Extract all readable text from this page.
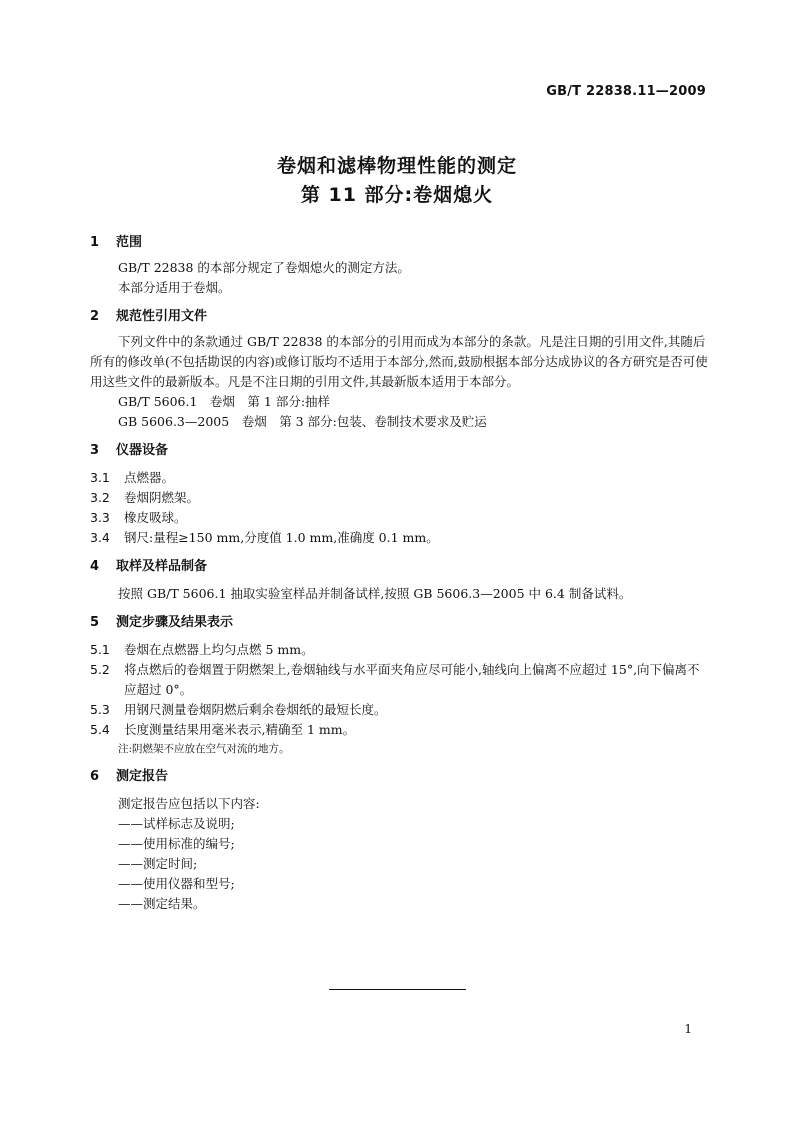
GB/T 22838.11—2009
卷烟和滤棒物理性能的测定
第 11 部分:卷烟熄火
1	范围

GB/T 22838 的本部分规定了卷烟熄火的测定方法。

本部分适用于卷烟。

2	规范性引用文件

下列文件中的条款通过 GB/T 22838 的本部分的引用而成为本部分的条款。凡是注日期的引用文件,其随后所有的修改单(不包括勘误的内容)或修订版均不适用于本部分,然而,鼓励根据本部分达成协议的各方研究是否可使用这些文件的最新版本。凡是不注日期的引用文件,其最新版本适用于本部分。

GB/T 5606.1　卷烟　第 1 部分:抽样

GB 5606.3—2005　卷烟　第 3 部分:包装、卷制技术要求及贮运

3	仪器设备
3.1	点燃器。
3.2	卷烟阴燃架。
3.3	橡皮吸球。
3.4	钢尺:量程≥150 mm,分度值 1.0 mm,准确度 0.1 mm。
4	取样及样品制备

按照 GB/T 5606.1 抽取实验室样品并制备试样,按照 GB 5606.3—2005 中 6.4 制备试料。

5	测定步骤及结果表示
5.1	卷烟在点燃器上均匀点燃 5 mm。
5.2	将点燃后的卷烟置于阴燃架上,卷烟轴线与水平面夹角应尽可能小,轴线向上偏离不应超过 15°,向下偏离不应超过 0°。
5.3	用钢尺测量卷烟阴燃后剩余卷烟纸的最短长度。
5.4	长度测量结果用毫米表示,精确至 1 mm。

注:阴燃架不应放在空气对流的地方。

6	测定报告

测定报告应包括以下内容:

——试样标志及说明;

——使用标准的编号;

——测定时间;

——使用仪器和型号;

——测定结果。

1
